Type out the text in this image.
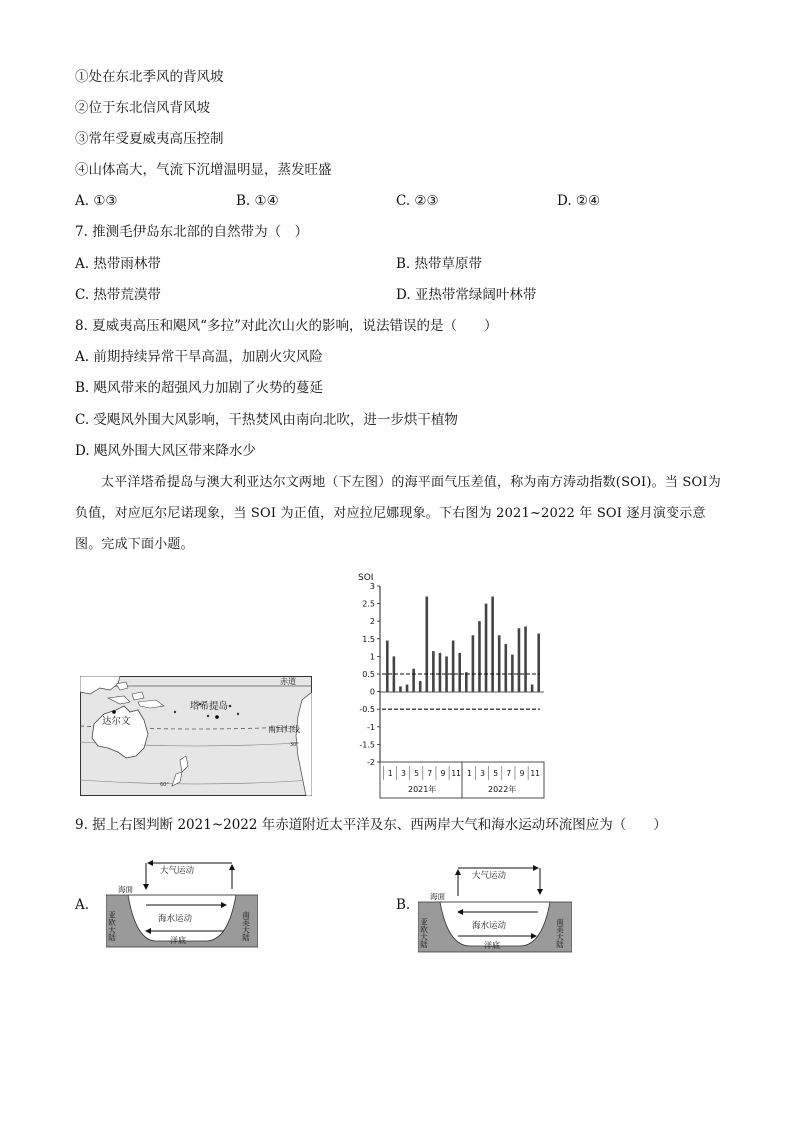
①处在东北季风的背风坡
②位于东北信风背风坡
③常年受夏威夷高压控制
④山体高大，气流下沉增温明显，蒸发旺盛
A. ①③	B. ①④	C. ②③	D. ②④
7. 推测毛伊岛东北部的自然带为（　）
A. 热带雨林带	B. 热带草原带
C. 热带荒漠带	D. 亚热带常绿阔叶林带
8. 夏威夷高压和飓风“多拉”对此次山火的影响，说法错误的是（　　）
A. 前期持续异常干旱高温，加剧火灾风险
B. 飓风带来的超强风力加剧了火势的蔓延
C. 受飓风外围大风影响，干热焚风由南向北吹，进一步烘干植物
D. 飓风外围大风区带来降水少
太平洋塔希提岛与澳大利亚达尔文两地（下左图）的海平面气压差值，称为南方涛动指数(SOI)。当 SOI为负值，对应厄尔尼诺现象，当 SOI 为正值，对应拉尼娜现象。下右图为 2021~2022 年 SOI 逐月演变示意图。完成下面小题。
赤道
塔希提岛
达尔文
南回归线
30°
60°
SOI
3
2.5
2
1.5
1
0.5
0
-0.5
-1
-1.5
-2
1 3 5 7 9 11 1 3 5 7 9 11
2021年	2022年
9. 据上右图判断 2021~2022 年赤道附近太平洋及东、西两岸大气和海水运动环流图应为（　　）
A.	B.
大气运动
海面
海水运动
洋底
亚欧大陆	南美大陆
大气运动
海面
海水运动
洋底
亚欧大陆	南美大陆
